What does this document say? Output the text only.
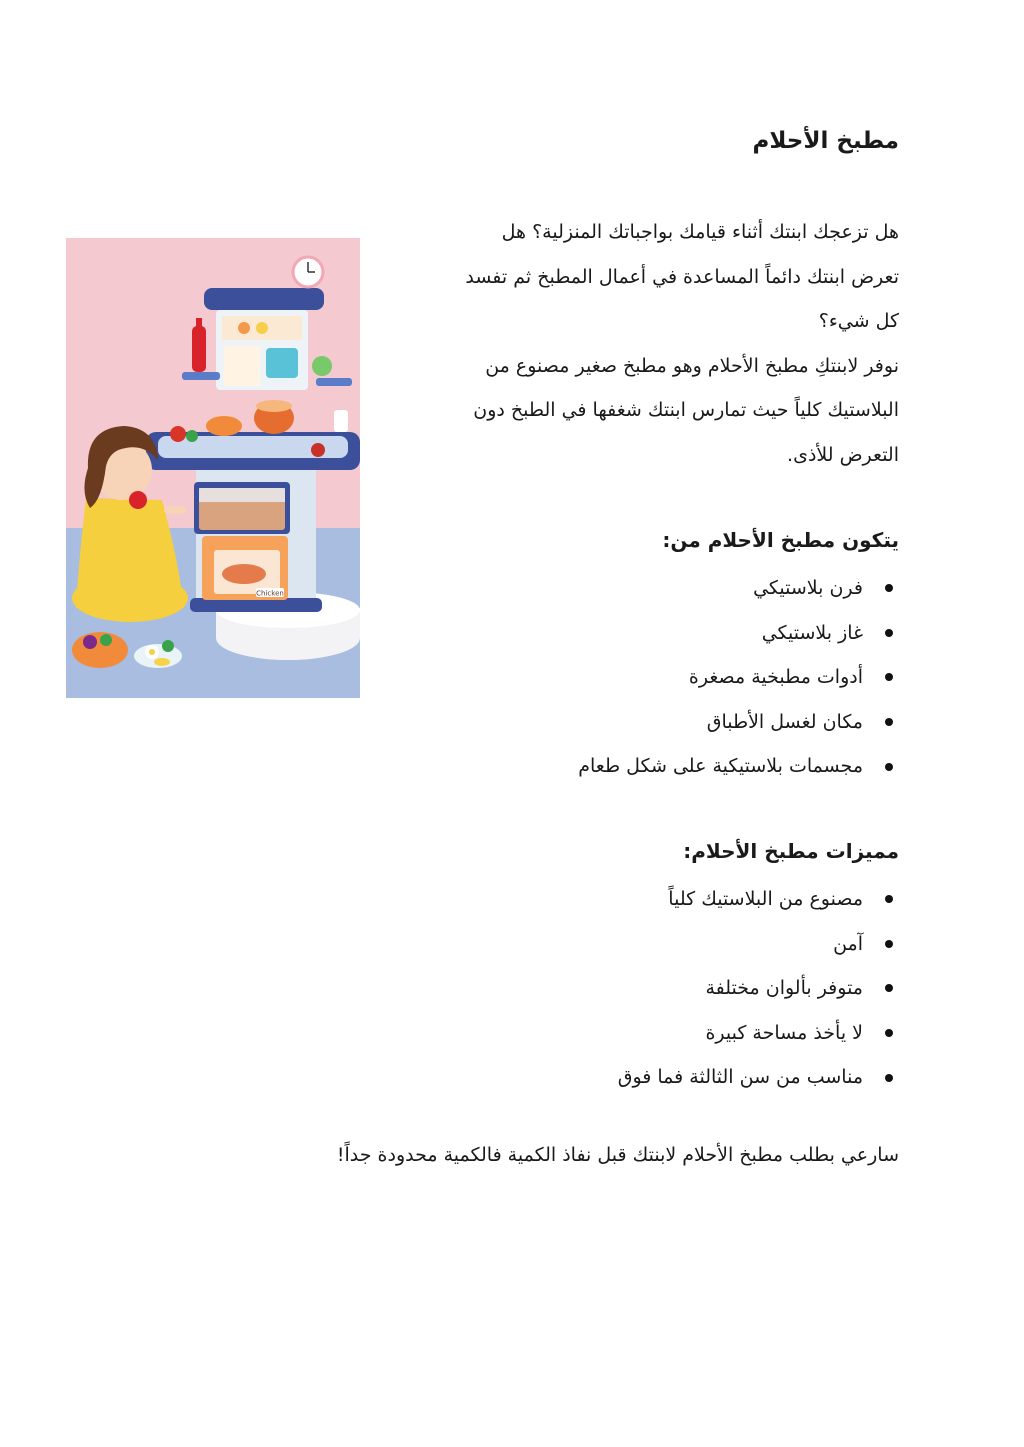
مطبخ الأحلام
هل تزعجك ابنتك أثناء قيامك بواجباتك المنزلية؟ هل
تعرض ابنتك دائماً المساعدة في أعمال المطبخ ثم تفسد
كل شيء؟
نوفر لابنتكِ مطبخ الأحلام وهو مطبخ صغير مصنوع من
البلاستيك كلياً حيث تمارس ابنتك شغفها في الطبخ دون
التعرض للأذى.
يتكون مطبخ الأحلام من:
فرن بلاستيكي
غاز بلاستيكي
أدوات مطبخية مصغرة
مكان لغسل الأطباق
مجسمات بلاستيكية على شكل طعام
مميزات مطبخ الأحلام:
مصنوع من البلاستيك كلياً
آمن
متوفر بألوان مختلفة
لا يأخذ مساحة كبيرة
مناسب من سن الثالثة فما فوق
سارعي بطلب مطبخ الأحلام لابنتك قبل نفاذ الكمية فالكمية محدودة جداً!
Chicken
